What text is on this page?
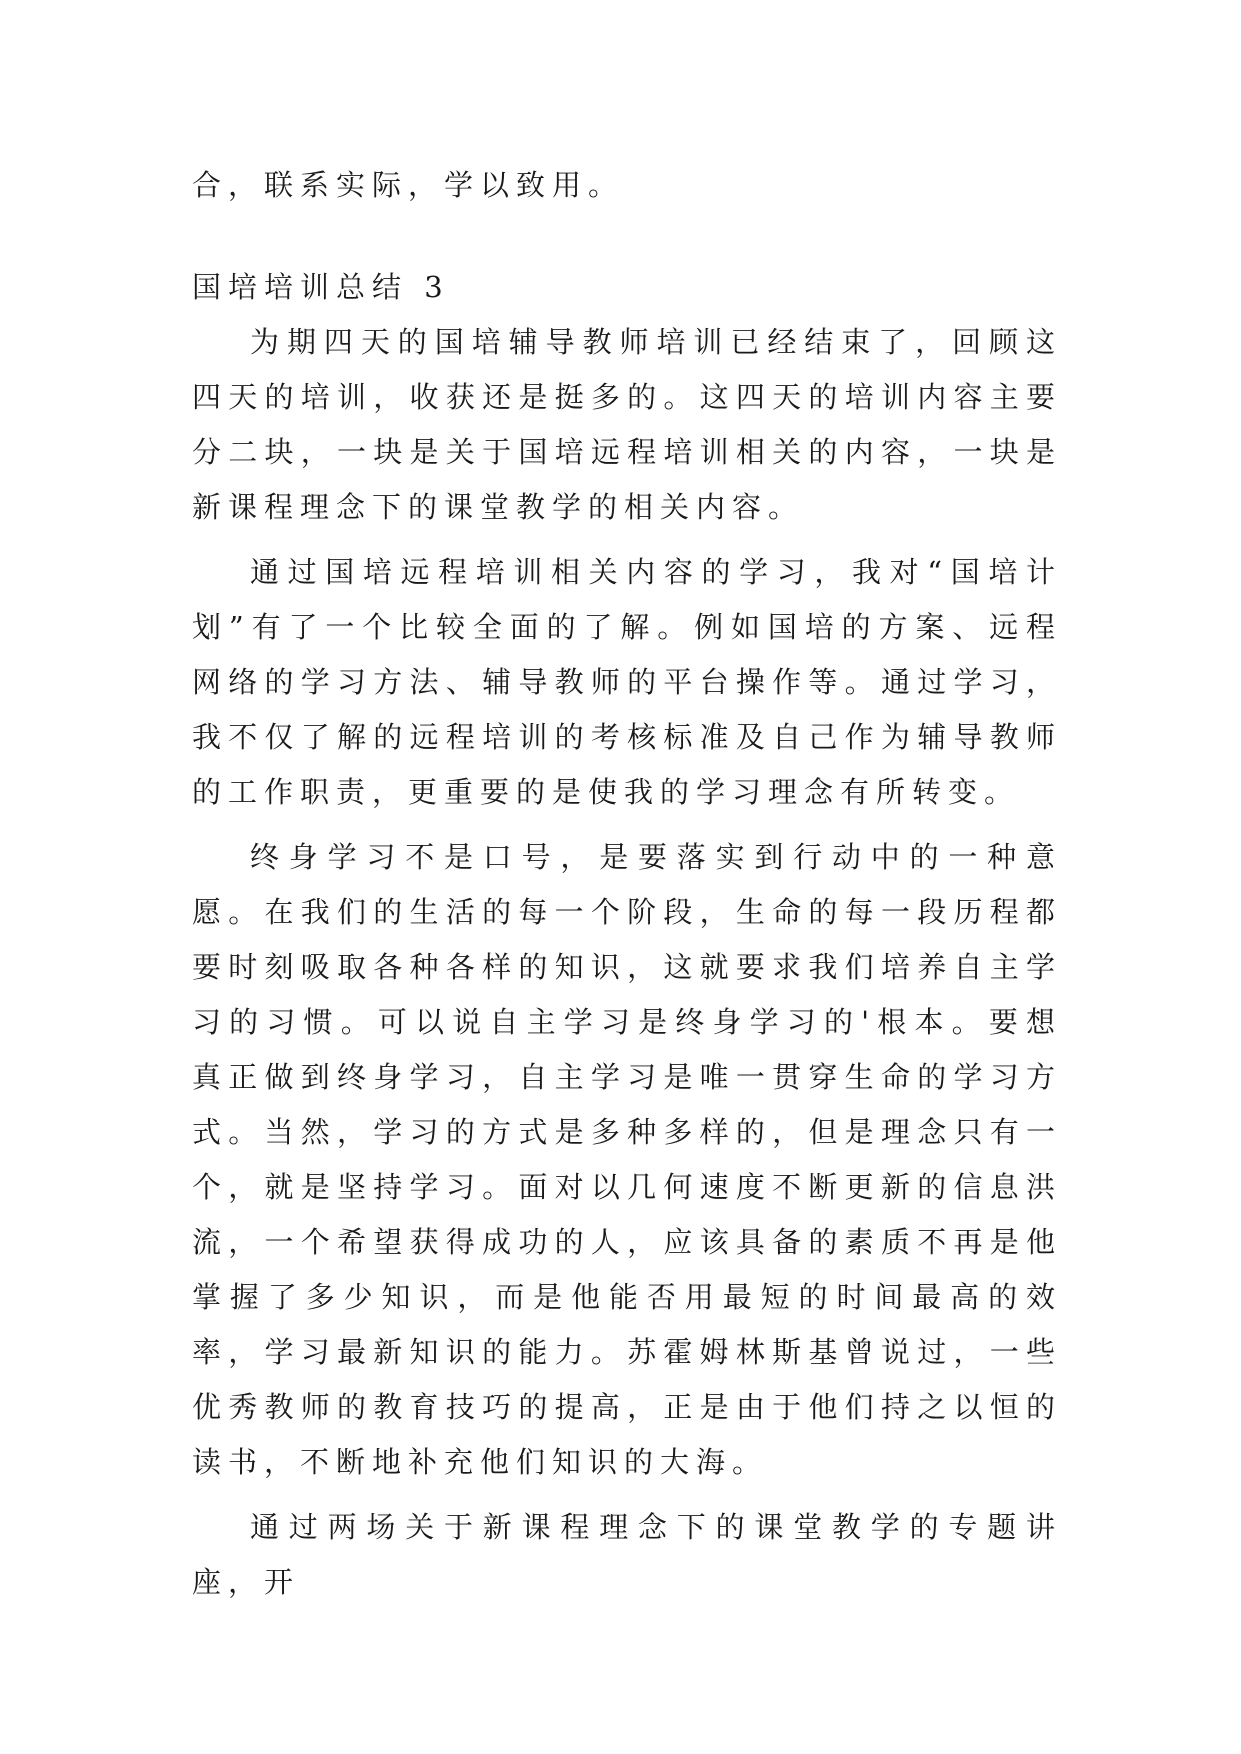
合，联系实际，学以致用。

国培培训总结 3

为期四天的国培辅导教师培训已经结束了，回顾这四天的培训，收获还是挺多的。这四天的培训内容主要分二块，一块是关于国培远程培训相关的内容，一块是新课程理念下的课堂教学的相关内容。

通过国培远程培训相关内容的学习，我对“国培计划”有了一个比较全面的了解。例如国培的方案、远程网络的学习方法、辅导教师的平台操作等。通过学习，我不仅了解的远程培训的考核标准及自己作为辅导教师的工作职责，更重要的是使我的学习理念有所转变。

终身学习不是口号，是要落实到行动中的一种意愿。在我们的生活的每一个阶段，生命的每一段历程都要时刻吸取各种各样的知识，这就要求我们培养自主学习的习惯。可以说自主学习是终身学习的'根本。要想真正做到终身学习，自主学习是唯一贯穿生命的学习方式。当然，学习的方式是多种多样的，但是理念只有一个，就是坚持学习。面对以几何速度不断更新的信息洪流，一个希望获得成功的人，应该具备的素质不再是他掌握了多少知识，而是他能否用最短的时间最高的效率，学习最新知识的能力。苏霍姆林斯基曾说过，一些优秀教师的教育技巧的提高，正是由于他们持之以恒的读书，不断地补充他们知识的大海。

通过两场关于新课程理念下的课堂教学的专题讲座，开
